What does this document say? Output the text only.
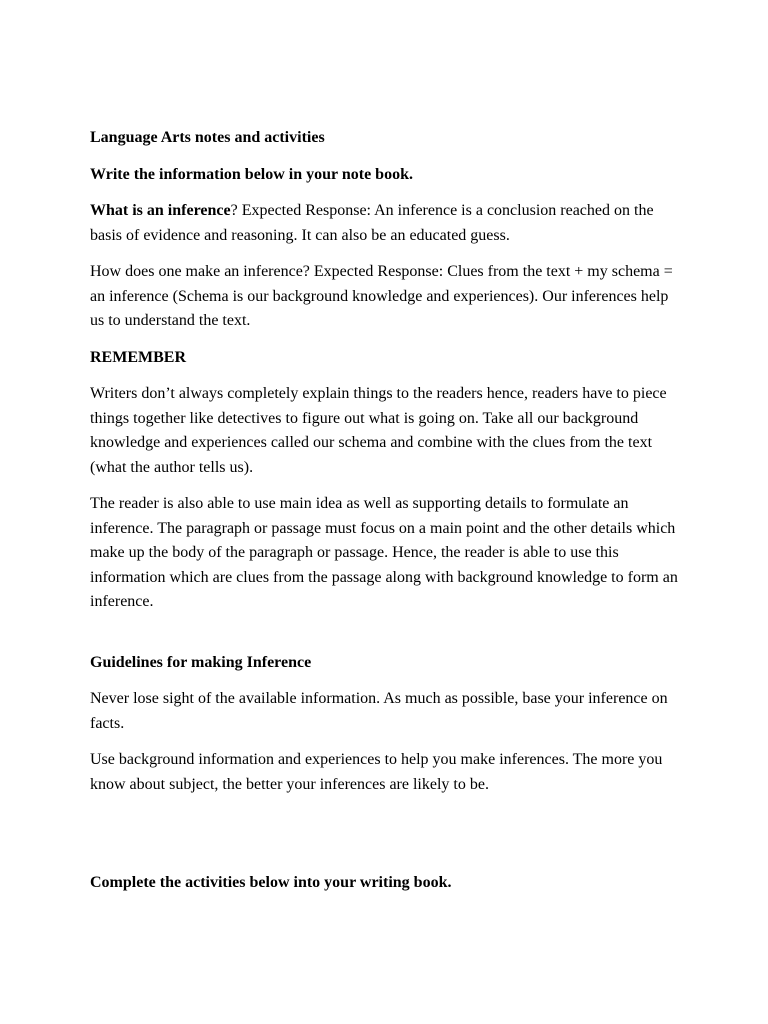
Language Arts notes and activities

Write the information below in your note book.

What is an inference? Expected Response: An inference is a conclusion reached on the basis of evidence and reasoning. It can also be an educated guess.

How does one make an inference? Expected Response: Clues from the text + my schema = an inference (Schema is our background knowledge and experiences). Our inferences help us to understand the text.

REMEMBER

Writers don’t always completely explain things to the readers hence, readers have to piece things together like detectives to figure out what is going on. Take all our background knowledge and experiences called our schema and combine with the clues from the text (what the author tells us).

The reader is also able to use main idea as well as supporting details to formulate an inference. The paragraph or passage must focus on a main point and the other details which make up the body of the paragraph or passage. Hence, the reader is able to use this information which are clues from the passage along with background knowledge to form an inference.

Guidelines for making Inference

Never lose sight of the available information. As much as possible, base your inference on facts.

Use background information and experiences to help you make inferences. The more you know about subject, the better your inferences are likely to be.

Complete the activities below into your writing book.
